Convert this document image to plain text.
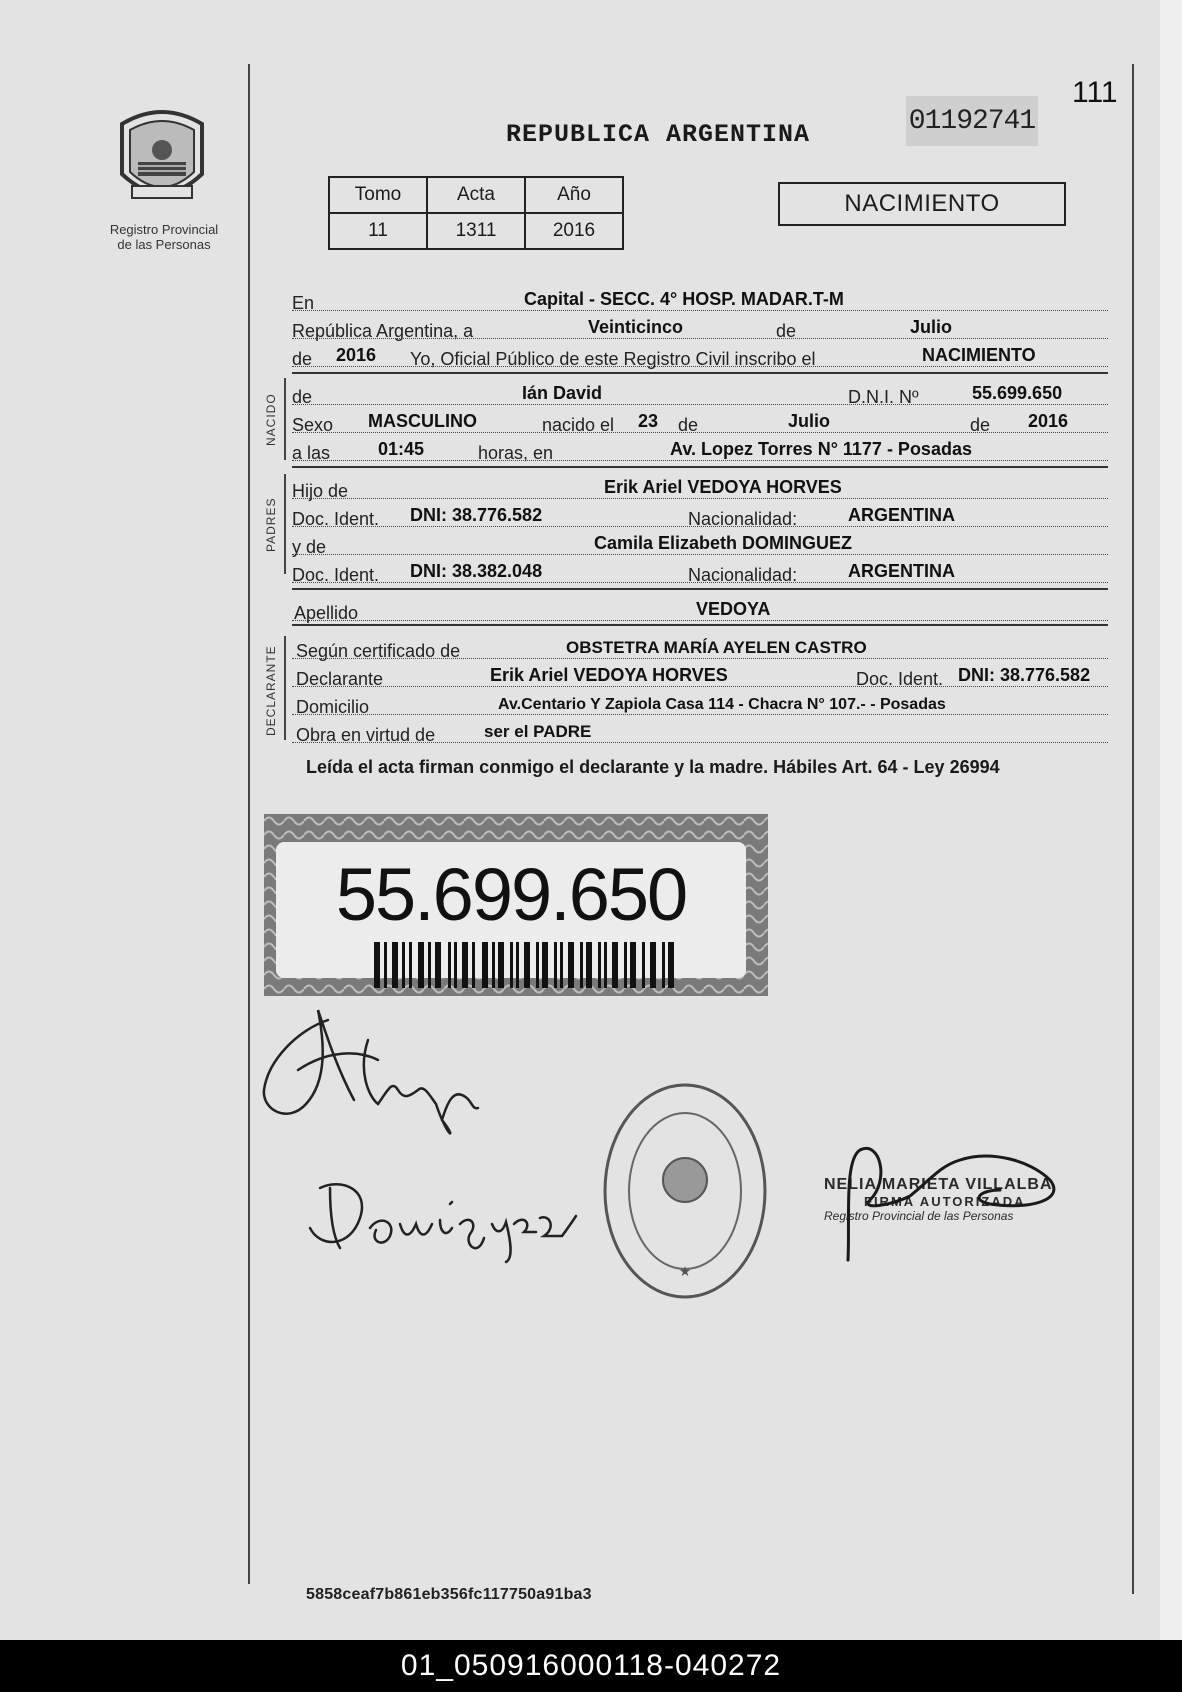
Registro Provincial
de las Personas
111
01192741
REPUBLICA ARGENTINA
Tomo	Acta	Año
11	1311	2016
NACIMIENTO
En	Capital - SECC. 4° HOSP. MADAR.T-M
República Argentina, a	Veinticinco	de	Julio
de 2016 Yo, Oficial Público de este Registro Civil inscribo el	NACIMIENTO
NACIDO de	Ián David	D.N.I. Nº	55.699.650
Sexo MASCULINO	nacido el 23 de	Julio	de 2016
a las	01:45	horas, en	Av. Lopez Torres N° 1177 - Posadas
PADRES
Hijo de	Erik Ariel VEDOYA HORVES
Doc. Ident. DNI: 38.776.582	Nacionalidad:	ARGENTINA
y de	Camila Elizabeth DOMINGUEZ
Doc. Ident. DNI: 38.382.048	Nacionalidad:	ARGENTINA
Apellido	VEDOYA
DECLARANTE Según certificado de	OBSTETRA MARÍA AYELEN CASTRO
Declarante	Erik Ariel VEDOYA HORVES	Doc. Ident. DNI: 38.776.582
Domicilio	Av.Centario Y Zapiola Casa 114 - Chacra N° 107.- - Posadas
Obra en virtud de	ser el PADRE
Leída el acta firman conmigo el declarante y la madre. Hábiles Art. 64 - Ley 26994
55.699.650
★
NELIA MARIETA VILLALBA
FIRMA AUTORIZADA
Registro Provincial de las Personas
5858ceaf7b861eb356fc117750a91ba3
01_050916000118-040272
